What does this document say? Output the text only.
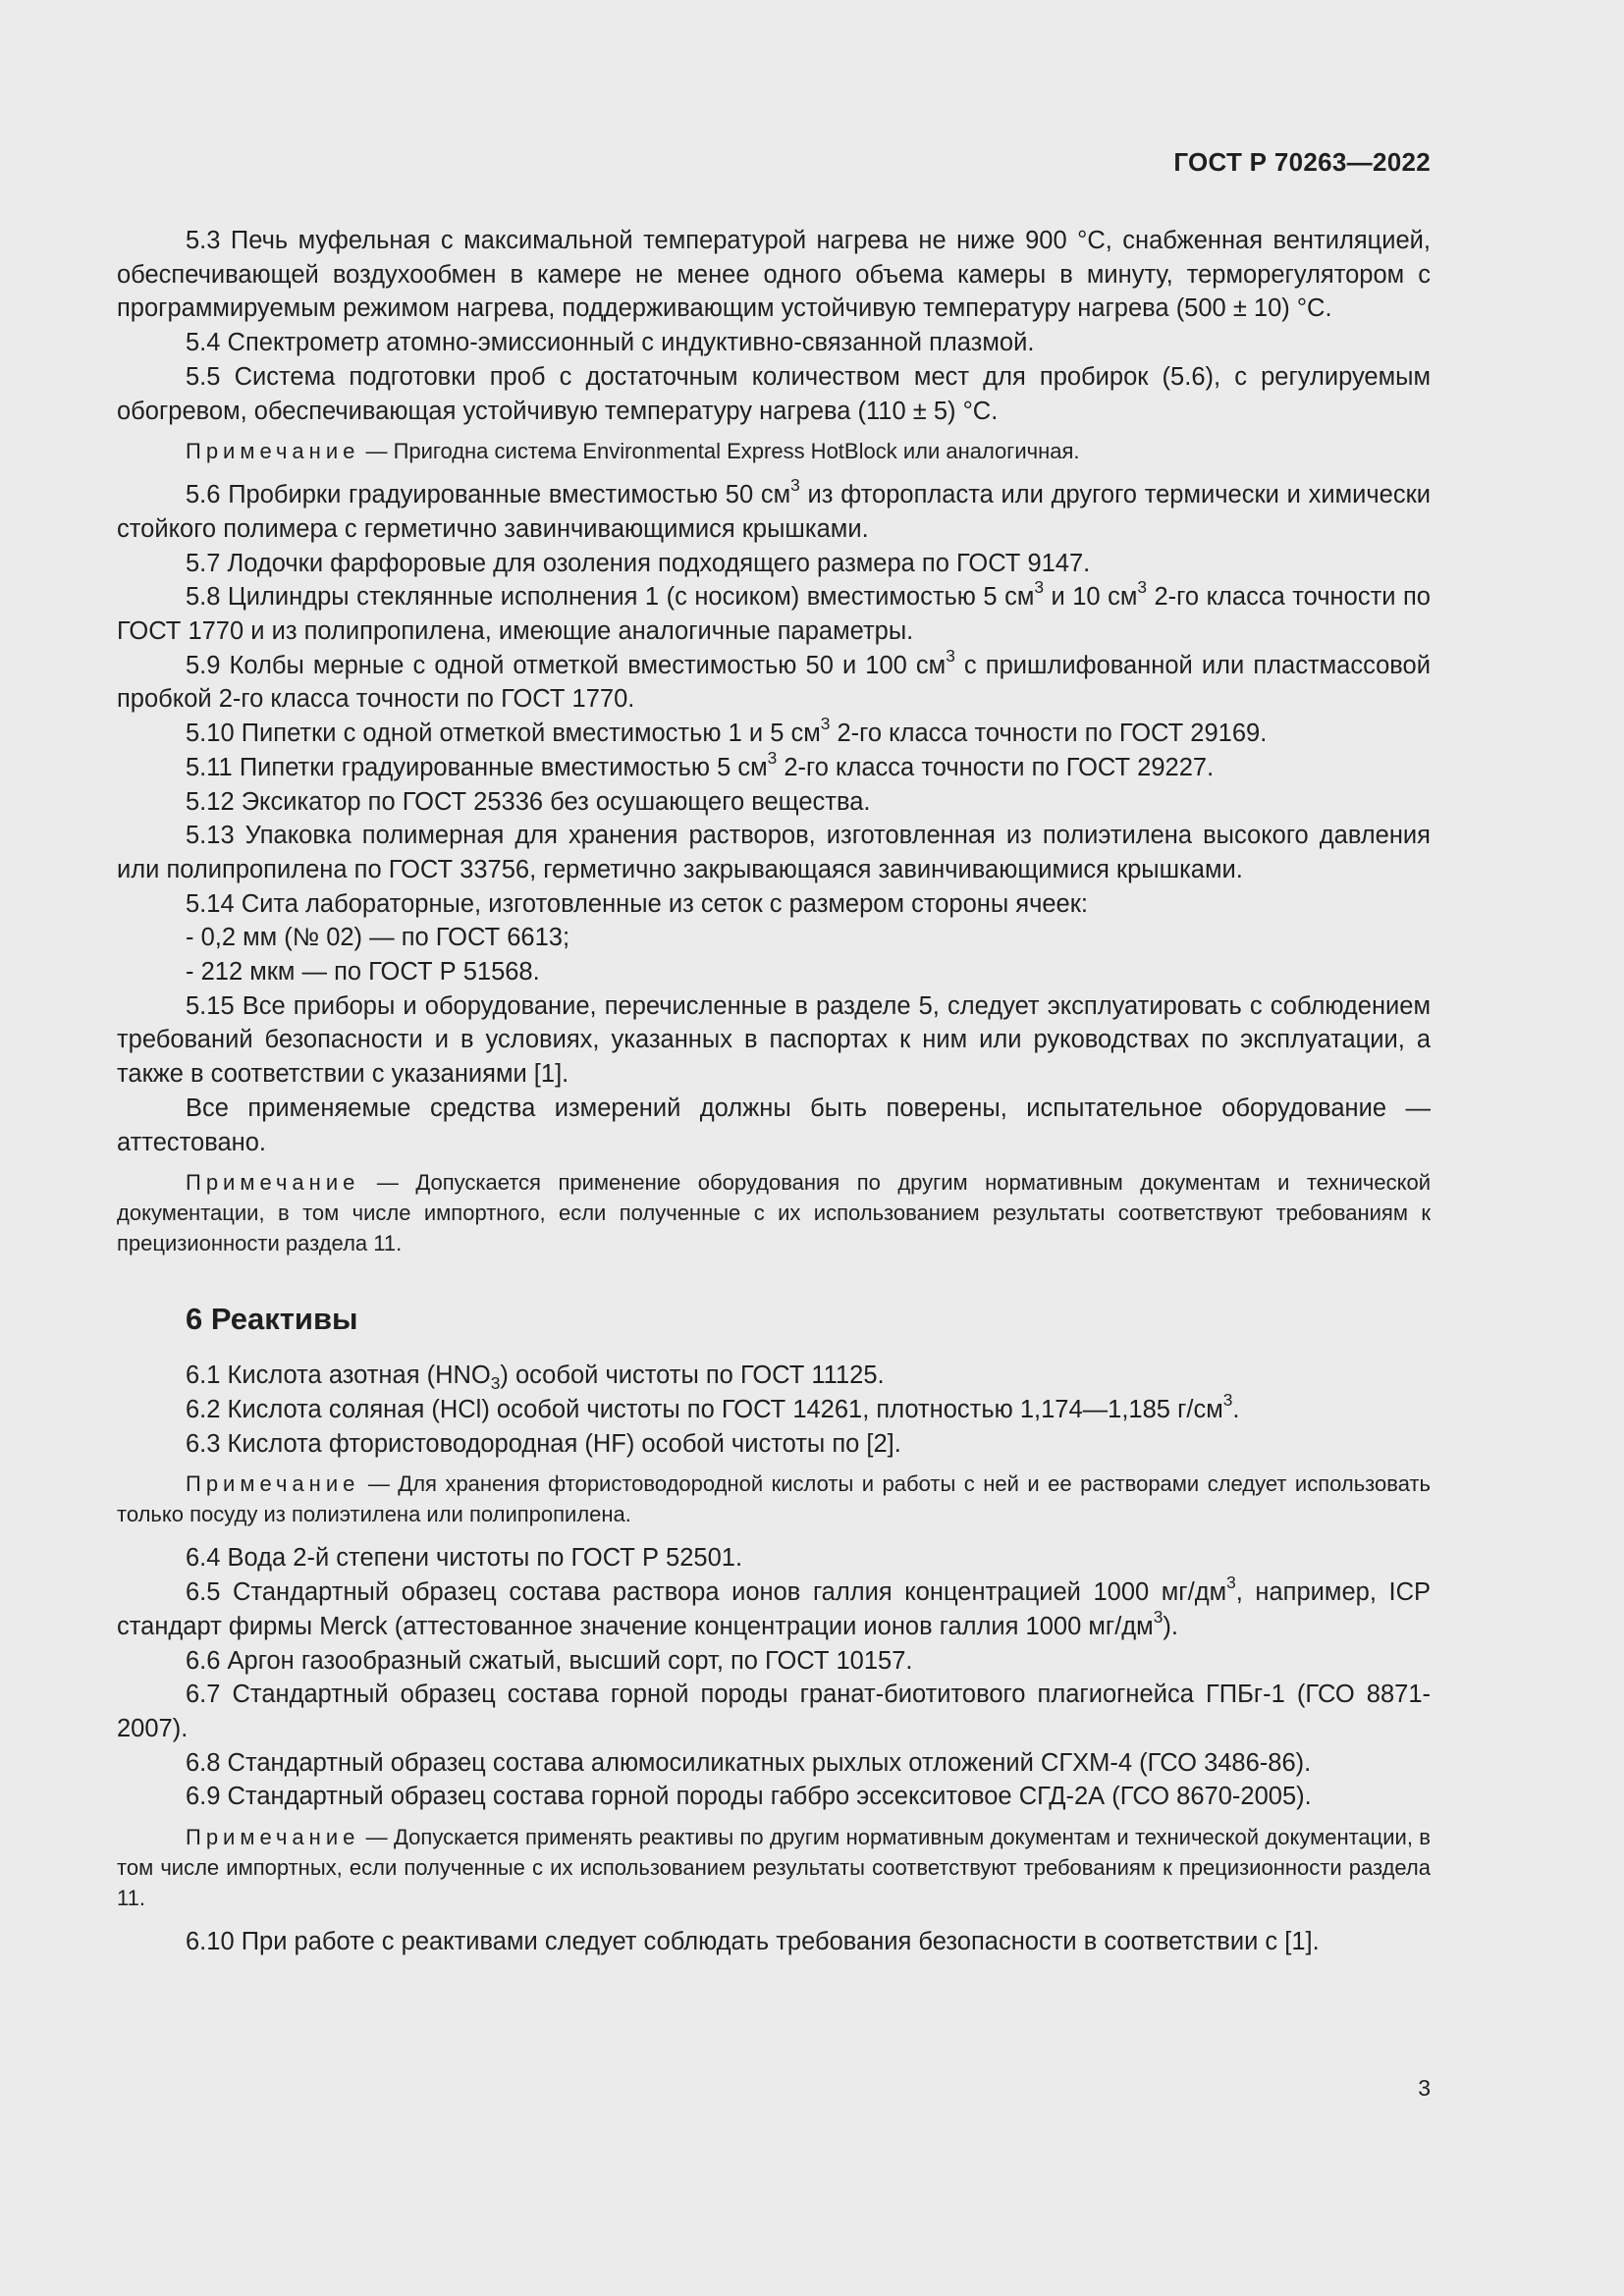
ГОСТ Р 70263—2022

5.3 Печь муфельная с максимальной температурой нагрева не ниже 900 °С, снабженная вентиляцией, обеспечивающей воздухообмен в камере не менее одного объема камеры в минуту, терморегулятором с программируемым режимом нагрева, поддерживающим устойчивую температуру нагрева (500 ± 10) °С.

5.4 Спектрометр атомно-эмиссионный с индуктивно-связанной плазмой.

5.5 Система подготовки проб с достаточным количеством мест для пробирок (5.6), с регулируемым обогревом, обеспечивающая устойчивую температуру нагрева (110 ± 5) °С.

Примечание — Пригодна система Environmental Express HotBlock или аналогичная.

5.6 Пробирки градуированные вместимостью 50 $см^3$ из фторопласта или другого термически и химически стойкого полимера с герметично завинчивающимися крышками.

5.7 Лодочки фарфоровые для озоления подходящего размера по ГОСТ 9147.

5.8 Цилиндры стеклянные исполнения 1 (с носиком) вместимостью 5 $см^3$ и 10 $см^3$ 2-го класса точности по ГОСТ 1770 и из полипропилена, имеющие аналогичные параметры.

5.9 Колбы мерные с одной отметкой вместимостью 50 и 100 $см^3$ с пришлифованной или пластмассовой пробкой 2-го класса точности по ГОСТ 1770.

5.10 Пипетки с одной отметкой вместимостью 1 и 5 $см^3$ 2-го класса точности по ГОСТ 29169.

5.11 Пипетки градуированные вместимостью 5 $см^3$ 2-го класса точности по ГОСТ 29227.

5.12 Эксикатор по ГОСТ 25336 без осушающего вещества.

5.13 Упаковка полимерная для хранения растворов, изготовленная из полиэтилена высокого давления или полипропилена по ГОСТ 33756, герметично закрывающаяся завинчивающимися крышками.

5.14 Сита лабораторные, изготовленные из сеток с размером стороны ячеек:

- 0,2 мм (№ 02) — по ГОСТ 6613;

- 212 мкм — по ГОСТ Р 51568.

5.15 Все приборы и оборудование, перечисленные в разделе 5, следует эксплуатировать с соблюдением требований безопасности и в условиях, указанных в паспортах к ним или руководствах по эксплуатации, а также в соответствии с указаниями [1].

Все применяемые средства измерений должны быть поверены, испытательное оборудование — аттестовано.

Примечание — Допускается применение оборудования по другим нормативным документам и технической документации, в том числе импортного, если полученные с их использованием результаты соответствуют требованиям к прецизионности раздела 11.

6 Реактивы

6.1 Кислота азотная $(HNO_3)$ особой чистоты по ГОСТ 11125.

6.2 Кислота соляная (HCl) особой чистоты по ГОСТ 14261, плотностью 1,174—1,185 $г/см^3$.

6.3 Кислота фтористоводородная (HF) особой чистоты по [2].

Примечание — Для хранения фтористоводородной кислоты и работы с ней и ее растворами следует использовать только посуду из полиэтилена или полипропилена.

6.4 Вода 2-й степени чистоты по ГОСТ Р 52501.

6.5 Стандартный образец состава раствора ионов галлия концентрацией 1000 $мг/дм^3$, например, ICP стандарт фирмы Merck (аттестованное значение концентрации ионов галлия 1000 $мг/дм^3$).

6.6 Аргон газообразный сжатый, высший сорт, по ГОСТ 10157.

6.7 Стандартный образец состава горной породы гранат-биотитового плагиогнейса ГПБг-1 (ГСО 8871-2007).

6.8 Стандартный образец состава алюмосиликатных рыхлых отложений СГХМ-4 (ГСО 3486-86).

6.9 Стандартный образец состава горной породы габбро эссекситовое СГД-2А (ГСО 8670-2005).

Примечание — Допускается применять реактивы по другим нормативным документам и технической документации, в том числе импортных, если полученные с их использованием результаты соответствуют требованиям к прецизионности раздела 11.

6.10 При работе с реактивами следует соблюдать требования безопасности в соответствии с [1].

3
